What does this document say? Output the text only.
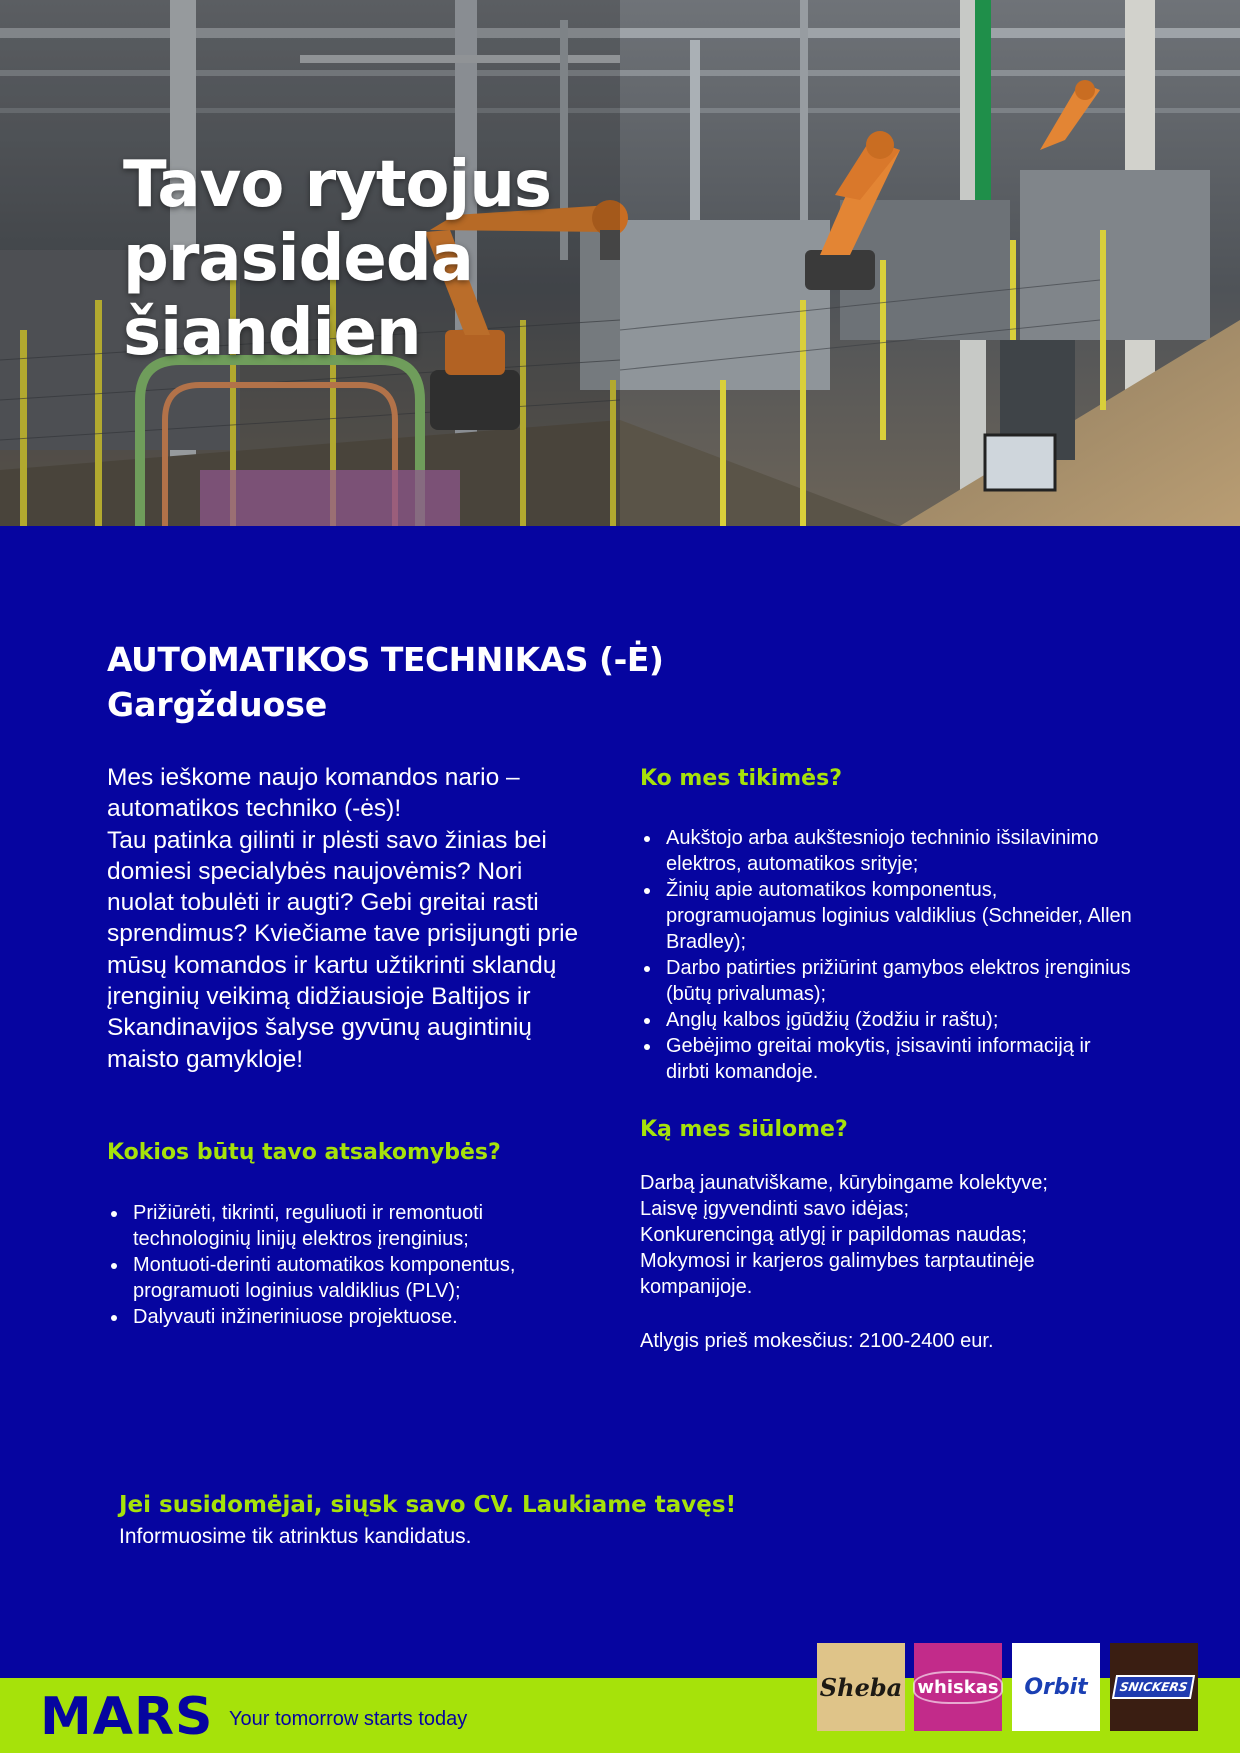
Tavo rytojus
prasideda
šiandien
AUTOMATIKOS TECHNIKAS (-Ė)
Gargžduose

Mes ieškome naujo komandos nario – automatikos techniko (-ės)!

Tau patinka gilinti ir plėsti savo žinias bei domiesi specialybės naujovėmis? Nori nuolat tobulėti ir augti? Gebi greitai rasti sprendimus? Kviečiame tave prisijungti prie mūsų komandos ir kartu užtikrinti sklandų įrenginių veikimą didžiausioje Baltijos ir Skandinavijos šalyse gyvūnų augintinių maisto gamykloje!

Kokios būtų tavo atsakomybės?
Prižiūrėti, tikrinti, reguliuoti ir remontuoti technologinių linijų elektros įrenginius;
Montuoti-derinti automatikos komponentus, programuoti loginius valdiklius (PLV);
Dalyvauti inžineriniuose projektuose.
Ko mes tikimės?
Aukštojo arba aukštesniojo techninio išsilavinimo elektros, automatikos srityje;
Žinių apie automatikos komponentus, programuojamus loginius valdiklius (Schneider, Allen Bradley);
Darbo patirties prižiūrint gamybos elektros įrenginius (būtų privalumas);
Anglų kalbos įgūdžių (žodžiu ir raštu);
Gebėjimo greitai mokytis, įsisavinti informaciją ir dirbti komandoje.
Ką mes siūlome?

Darbą jaunatviškame, kūrybingame kolektyve;

Laisvę įgyvendinti savo idėjas;

Konkurencingą atlygį ir papildomas naudas;

Mokymosi ir karjeros galimybes tarptautinėje kompanijoje.

Atlygis prieš mokesčius: 2100-2400 eur.

Jei susidomėjai, siųsk savo CV. Laukiame tavęs!

Informuosime tik atrinktus kandidatus.

MARS Your tomorrow starts today

Sheba whiskas Orbit	SNICKERS
